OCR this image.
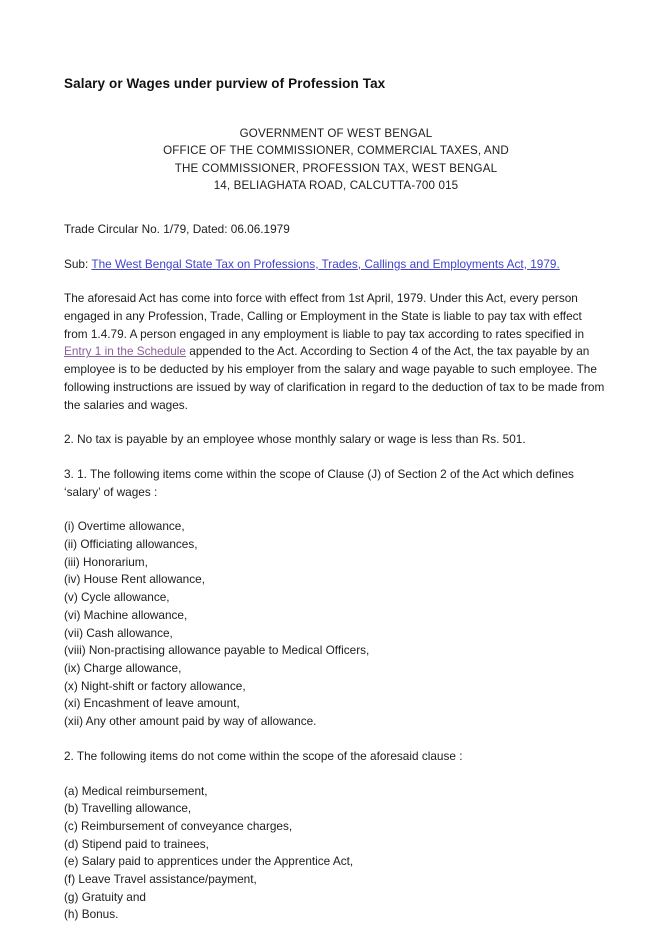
Salary or Wages under purview of Profession Tax
GOVERNMENT OF WEST BENGAL
OFFICE OF THE COMMISSIONER, COMMERCIAL TAXES, AND
THE COMMISSIONER, PROFESSION TAX, WEST BENGAL
14, BELIAGHATA ROAD, CALCUTTA-700 015

Trade Circular No. 1/79, Dated: 06.06.1979

Sub: The West Bengal State Tax on Professions, Trades, Callings and Employments Act, 1979.

The aforesaid Act has come into force with effect from 1st April, 1979. Under this Act, every person engaged in any Profession, Trade, Calling or Employment in the State is liable to pay tax with effect from 1.4.79. A person engaged in any employment is liable to pay tax according to rates specified in Entry 1 in the Schedule appended to the Act. According to Section 4 of the Act, the tax payable by an employee is to be deducted by his employer from the salary and wage payable to such employee. The following instructions are issued by way of clarification in regard to the deduction of tax to be made from the salaries and wages.

2. No tax is payable by an employee whose monthly salary or wage is less than Rs. 501.

3. 1. The following items come within the scope of Clause (J) of Section 2 of the Act which defines ‘salary’ of wages :

(i) Overtime allowance,
(ii) Officiating allowances,
(iii) Honorarium,
(iv) House Rent allowance,
(v) Cycle allowance,
(vi) Machine allowance,
(vii) Cash allowance,
(viii) Non-practising allowance payable to Medical Officers,
(ix) Charge allowance,
(x) Night-shift or factory allowance,
(xi) Encashment of leave amount,
(xii) Any other amount paid by way of allowance.

2. The following items do not come within the scope of the aforesaid clause :

(a) Medical reimbursement,
(b) Travelling allowance,
(c) Reimbursement of conveyance charges,
(d) Stipend paid to trainees,
(e) Salary paid to apprentices under the Apprentice Act,
(f) Leave Travel assistance/payment,
(g) Gratuity and
(h) Bonus.
